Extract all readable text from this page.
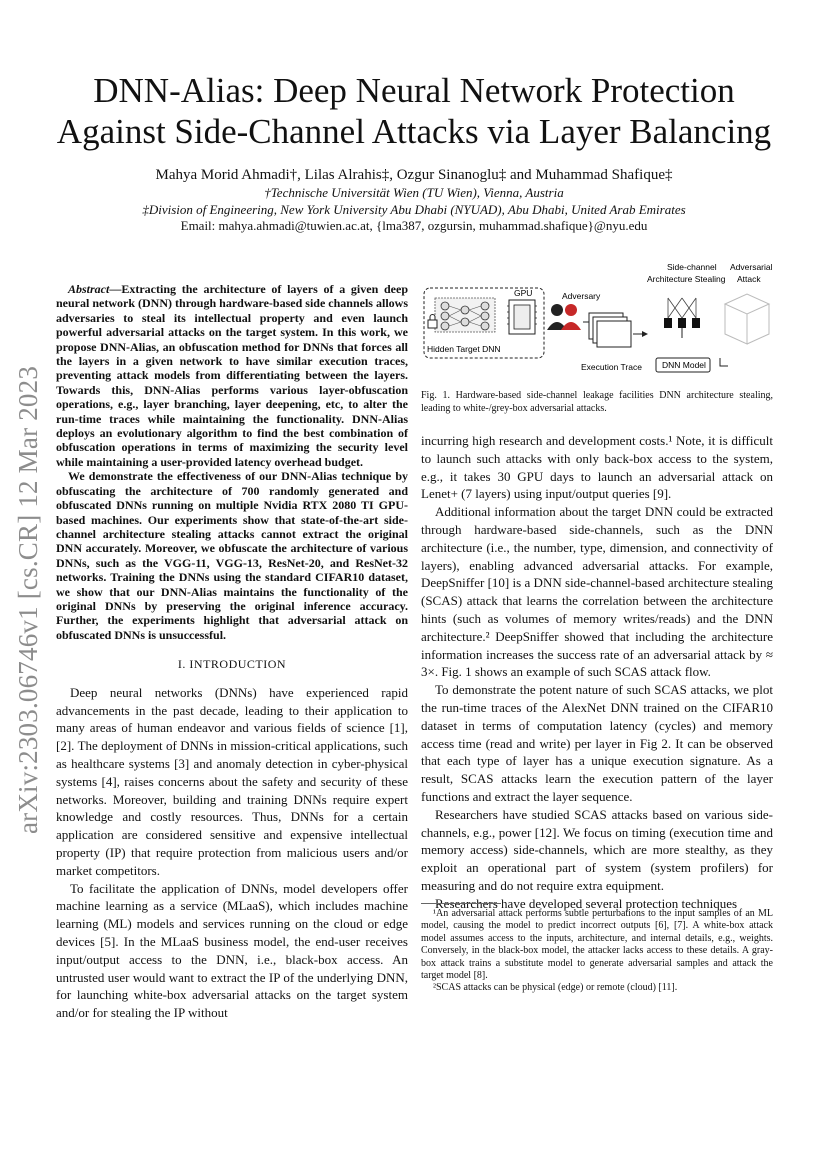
arXiv:2303.06746v1 [cs.CR] 12 Mar 2023
DNN-Alias: Deep Neural Network Protection
Against Side-Channel Attacks via Layer Balancing
Mahya Morid Ahmadi†, Lilas Alrahis‡, Ozgur Sinanoglu‡ and Muhammad Shafique‡
†Technische Universität Wien (TU Wien), Vienna, Austria
‡Division of Engineering, New York University Abu Dhabi (NYUAD), Abu Dhabi, United Arab Emirates
Email: mahya.ahmadi@tuwien.ac.at, {lma387, ozgursin, muhammad.shafique}@nyu.edu

Abstract—Extracting the architecture of layers of a given deep neural network (DNN) through hardware-based side channels allows adversaries to steal its intellectual property and even launch powerful adversarial attacks on the target system. In this work, we propose DNN-Alias, an obfuscation method for DNNs that forces all the layers in a given network to have similar execution traces, preventing attack models from differentiating between the layers. Towards this, DNN-Alias performs various layer-obfuscation operations, e.g., layer branching, layer deepening, etc, to alter the run-time traces while maintaining the functionality. DNN-Alias deploys an evolutionary algorithm to find the best combination of obfuscation operations in terms of maximizing the security level while maintaining a user-provided latency overhead budget.

We demonstrate the effectiveness of our DNN-Alias technique by obfuscating the architecture of 700 randomly generated and obfuscated DNNs running on multiple Nvidia RTX 2080 TI GPU-based machines. Our experiments show that state-of-the-art side-channel architecture stealing attacks cannot extract the original DNN accurately. Moreover, we obfuscate the architecture of various DNNs, such as the VGG-11, VGG-13, ResNet-20, and ResNet-32 networks. Training the DNNs using the standard CIFAR10 dataset, we show that our DNN-Alias maintains the functionality of the original DNNs by preserving the original inference accuracy. Further, the experiments highlight that adversarial attack on obfuscated DNNs is unsuccessful.

I. INTRODUCTION

Deep neural networks (DNNs) have experienced rapid advancements in the past decade, leading to their application to many areas of human endeavor and various fields of science [1], [2]. The deployment of DNNs in mission-critical applications, such as healthcare systems [3] and anomaly detection in cyber-physical systems [4], raises concerns about the safety and security of these networks. Moreover, building and training DNNs require expert knowledge and costly resources. Thus, DNNs for a certain application are considered sensitive and expensive intellectual property (IP) that require protection from malicious users and/or market competitors.

To facilitate the application of DNNs, model developers offer machine learning as a service (MLaaS), which includes machine learning (ML) models and services running on the cloud or edge devices [5]. In the MLaaS business model, the end-user receives input/output access to the DNN, i.e., black-box access. An untrusted user would want to extract the IP of the underlying DNN, for launching white-box adversarial attacks on the target system and/or for stealing the IP without

Hidden Target DNN
GPU	Adversary
Execution Trace
Side-channel
Architecture Stealing
DNN Model
Adversarial
Attack
Fig. 1. Hardware-based side-channel leakage facilities DNN architecture stealing, leading to white-/grey-box adversarial attacks.

incurring high research and development costs.¹ Note, it is difficult to launch such attacks with only back-box access to the system, e.g., it takes 30 GPU days to launch an adversarial attack on Lenet+ (7 layers) using input/output queries [9].

Additional information about the target DNN could be extracted through hardware-based side-channels, such as the DNN architecture (i.e., the number, type, dimension, and connectivity of layers), enabling advanced adversarial attacks. For example, DeepSniffer [10] is a DNN side-channel-based architecture stealing (SCAS) attack that learns the correlation between the architecture hints (such as volumes of memory writes/reads) and the DNN architecture.² DeepSniffer showed that including the architecture information increases the success rate of an adversarial attack by ≈ 3×. Fig. 1 shows an example of such SCAS attack flow.

To demonstrate the potent nature of such SCAS attacks, we plot the run-time traces of the AlexNet DNN trained on the CIFAR10 dataset in terms of computation latency (cycles) and memory access time (read and write) per layer in Fig 2. It can be observed that each type of layer has a unique execution signature. As a result, SCAS attacks learn the execution pattern of the layer functions and extract the layer sequence.

Researchers have studied SCAS attacks based on various side-channels, e.g., power [12]. We focus on timing (execution time and memory access) side-channels, which are more stealthy, as they exploit an operational part of system (system profilers) for measuring and do not require extra equipment.

Researchers have developed several protection techniques

¹An adversarial attack performs subtle perturbations to the input samples of an ML model, causing the model to predict incorrect outputs [6], [7]. A white-box attack model assumes access to the inputs, architecture, and internal details, e.g., weights. Conversely, in the black-box model, the attacker lacks access to these details. A gray-box attack trains a substitute model to generate adversarial samples and attack the target model [8].

²SCAS attacks can be physical (edge) or remote (cloud) [11].
